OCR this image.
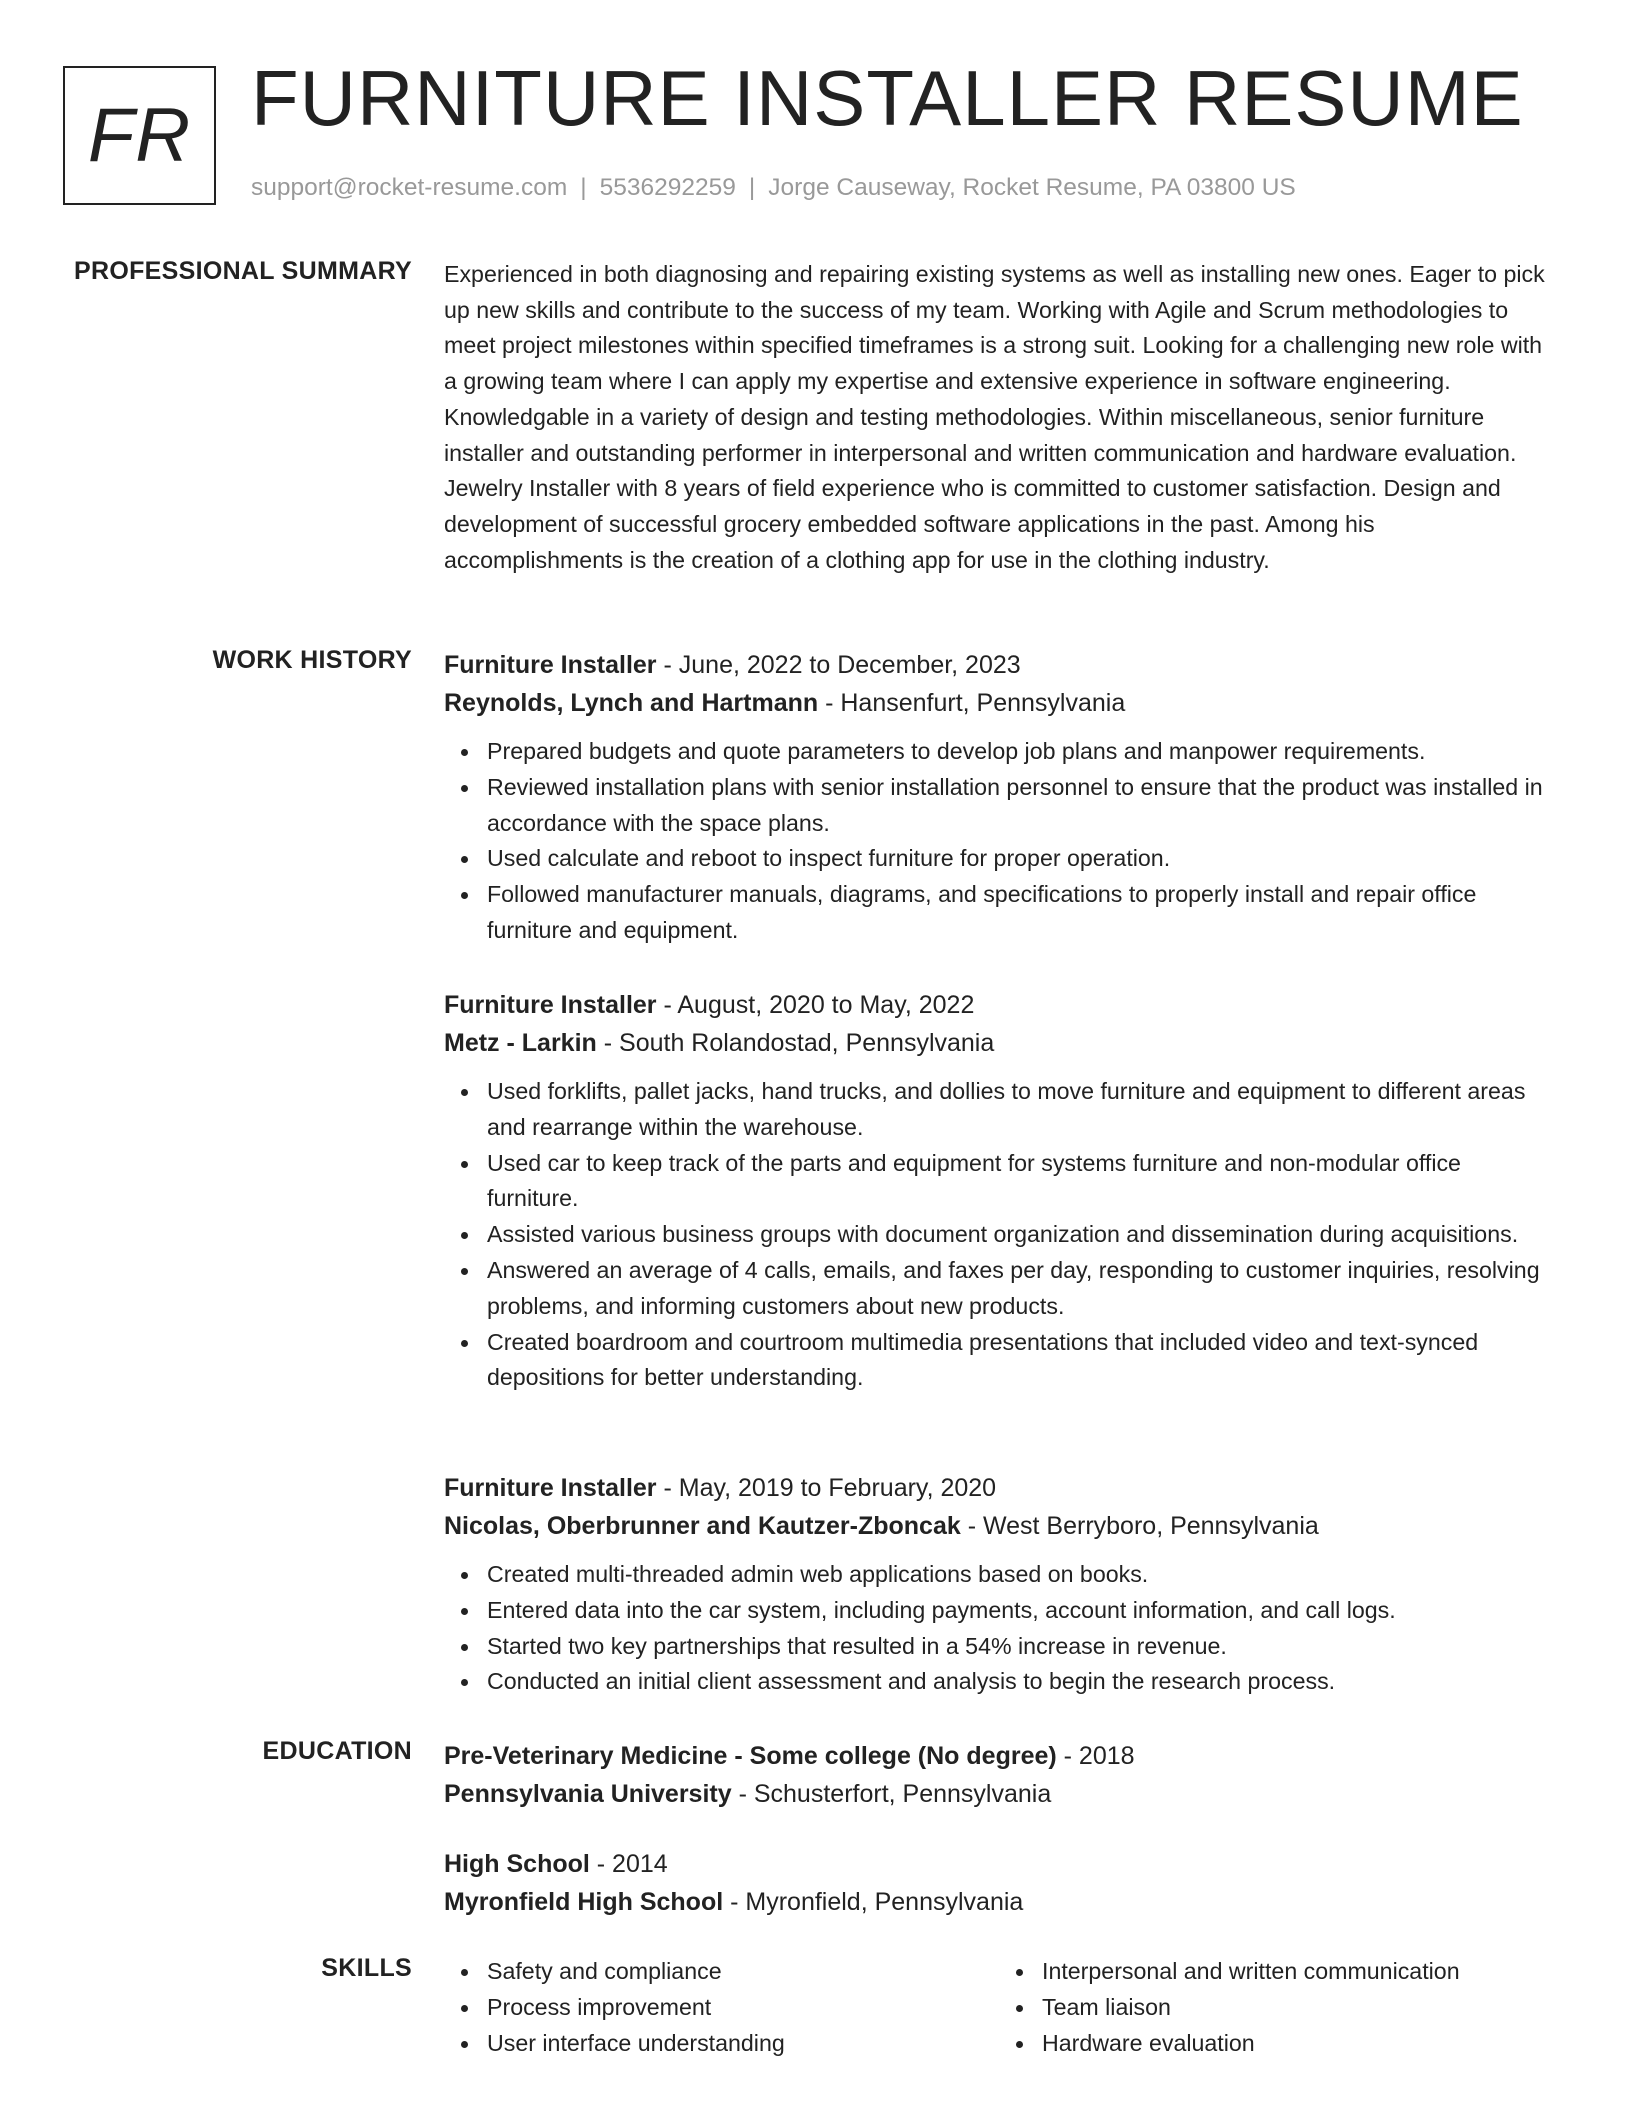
FR FURNITURE INSTALLER RESUME
support@rocket-resume.com | 5536292259 | Jorge Causeway, Rocket Resume, PA 03800 US
PROFESSIONAL SUMMARY Experienced in both diagnosing and repairing existing systems as well as installing new ones. Eager to pick up new skills and contribute to the success of my team. Working with Agile and Scrum methodologies to meet project milestones within specified timeframes is a strong suit. Looking for a challenging new role with a growing team where I can apply my expertise and extensive experience in software engineering. Knowledgable in a variety of design and testing methodologies. Within miscellaneous, senior furniture installer and outstanding performer in interpersonal and written communication and hardware evaluation. Jewelry Installer with 8 years of field experience who is committed to customer satisfaction. Design and development of successful grocery embedded software applications in the past. Among his accomplishments is the creation of a clothing app for use in the clothing industry.

WORK HISTORY Furniture Installer - June, 2022 to December, 2023

Reynolds, Lynch and Hartmann - Hansenfurt, Pennsylvania

Prepared budgets and quote parameters to develop job plans and manpower requirements.
Reviewed installation plans with senior installation personnel to ensure that the product was installed in accordance with the space plans.
Used calculate and reboot to inspect furniture for proper operation.
Followed manufacturer manuals, diagrams, and specifications to properly install and repair office furniture and equipment.

Furniture Installer - August, 2020 to May, 2022

Metz - Larkin - South Rolandostad, Pennsylvania

Used forklifts, pallet jacks, hand trucks, and dollies to move furniture and equipment to different areas and rearrange within the warehouse.
Used car to keep track of the parts and equipment for systems furniture and non-modular office furniture.
Assisted various business groups with document organization and dissemination during acquisitions.
Answered an average of 4 calls, emails, and faxes per day, responding to customer inquiries, resolving problems, and informing customers about new products.
Created boardroom and courtroom multimedia presentations that included video and text-synced depositions for better understanding.

Furniture Installer - May, 2019 to February, 2020

Nicolas, Oberbrunner and Kautzer-Zboncak - West Berryboro, Pennsylvania

Created multi-threaded admin web applications based on books.
Entered data into the car system, including payments, account information, and call logs.
Started two key partnerships that resulted in a 54% increase in revenue.
Conducted an initial client assessment and analysis to begin the research process.
EDUCATION Pre-Veterinary Medicine - Some college (No degree) - 2018

Pennsylvania University - Schusterfort, Pennsylvania

High School - 2014

Myronfield High School - Myronfield, Pennsylvania

SKILLS	Safety and compliance
Process improvement
User interface understanding
Interpersonal and written communication
Team liaison
Hardware evaluation
